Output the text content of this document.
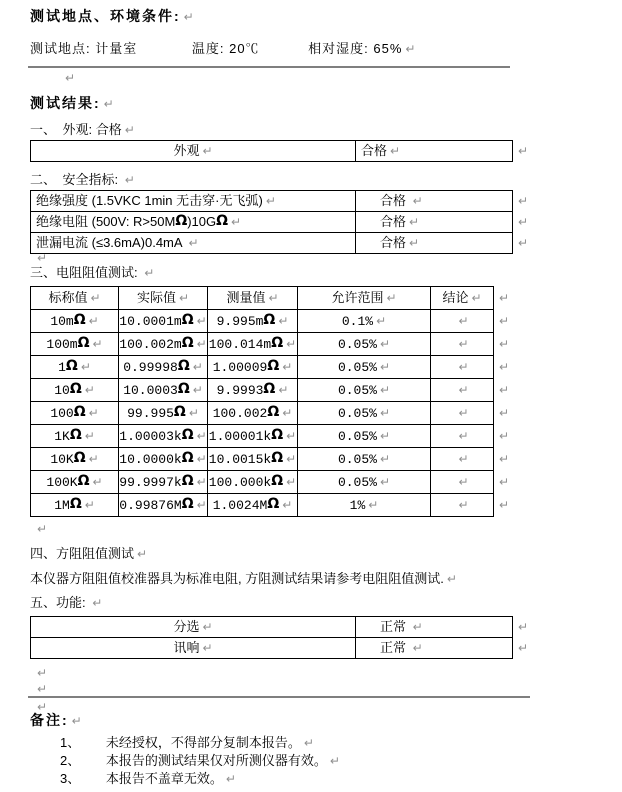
测试地点、环境条件: ↵
测试地点: 计量室	温度: 20℃	相对湿度: 65% ↵
↵
测试结果: ↵
一、　外观: 合格 ↵
外观 ↵	合格 ↵
↵
二、　安全指标:  ↵
绝缘强度 (1.5VKC 1min 无击穿·无飞弧) ↵	合格  ↵
↵
绝缘电阻 (500V: R>50MΩ)10GΩ ↵	合格 ↵
↵
泄漏电流 (≤3.6mA)0.4mA  ↵	合格 ↵
↵
↵
三、电阻阻值测试:  ↵
标称值 ↵	实际值 ↵	测量值 ↵	允许范围 ↵	结论 ↵
↵
10mΩ ↵	10.0001mΩ ↵	9.995mΩ ↵	0.1% ↵
↵
↵
100mΩ ↵	100.002mΩ ↵	100.014mΩ ↵	0.05% ↵
↵
↵
1Ω ↵	0.99998Ω ↵	1.00009Ω ↵	0.05% ↵
↵
↵
10Ω ↵	10.0003Ω ↵	9.9993Ω ↵	0.05% ↵
↵
↵
100Ω ↵	99.995Ω ↵	100.002Ω ↵	0.05% ↵
↵
↵
1KΩ ↵	1.00003kΩ ↵	1.00001kΩ ↵	0.05% ↵
↵
↵
10KΩ ↵	10.0000kΩ ↵	10.0015kΩ ↵	0.05% ↵
↵
↵
100KΩ ↵	99.9997kΩ ↵	100.000kΩ ↵	0.05% ↵
↵
↵
1MΩ ↵	0.99876MΩ ↵	1.0024MΩ ↵	1% ↵
↵
↵
↵
四、方阻阻值测试 ↵
本仪器方阻阻值校准器具为标准电阻, 方阻测试结果请参考电阻阻值测试. ↵
五、功能:  ↵
分选 ↵	正常  ↵
↵
讯响 ↵	正常  ↵
↵
↵
↵
↵
备注: ↵
1、 未经授权，不得部分复制本报告。 ↵
2、 本报告的测试结果仅对所测仪器有效。 ↵
3、 本报告不盖章无效。 ↵
